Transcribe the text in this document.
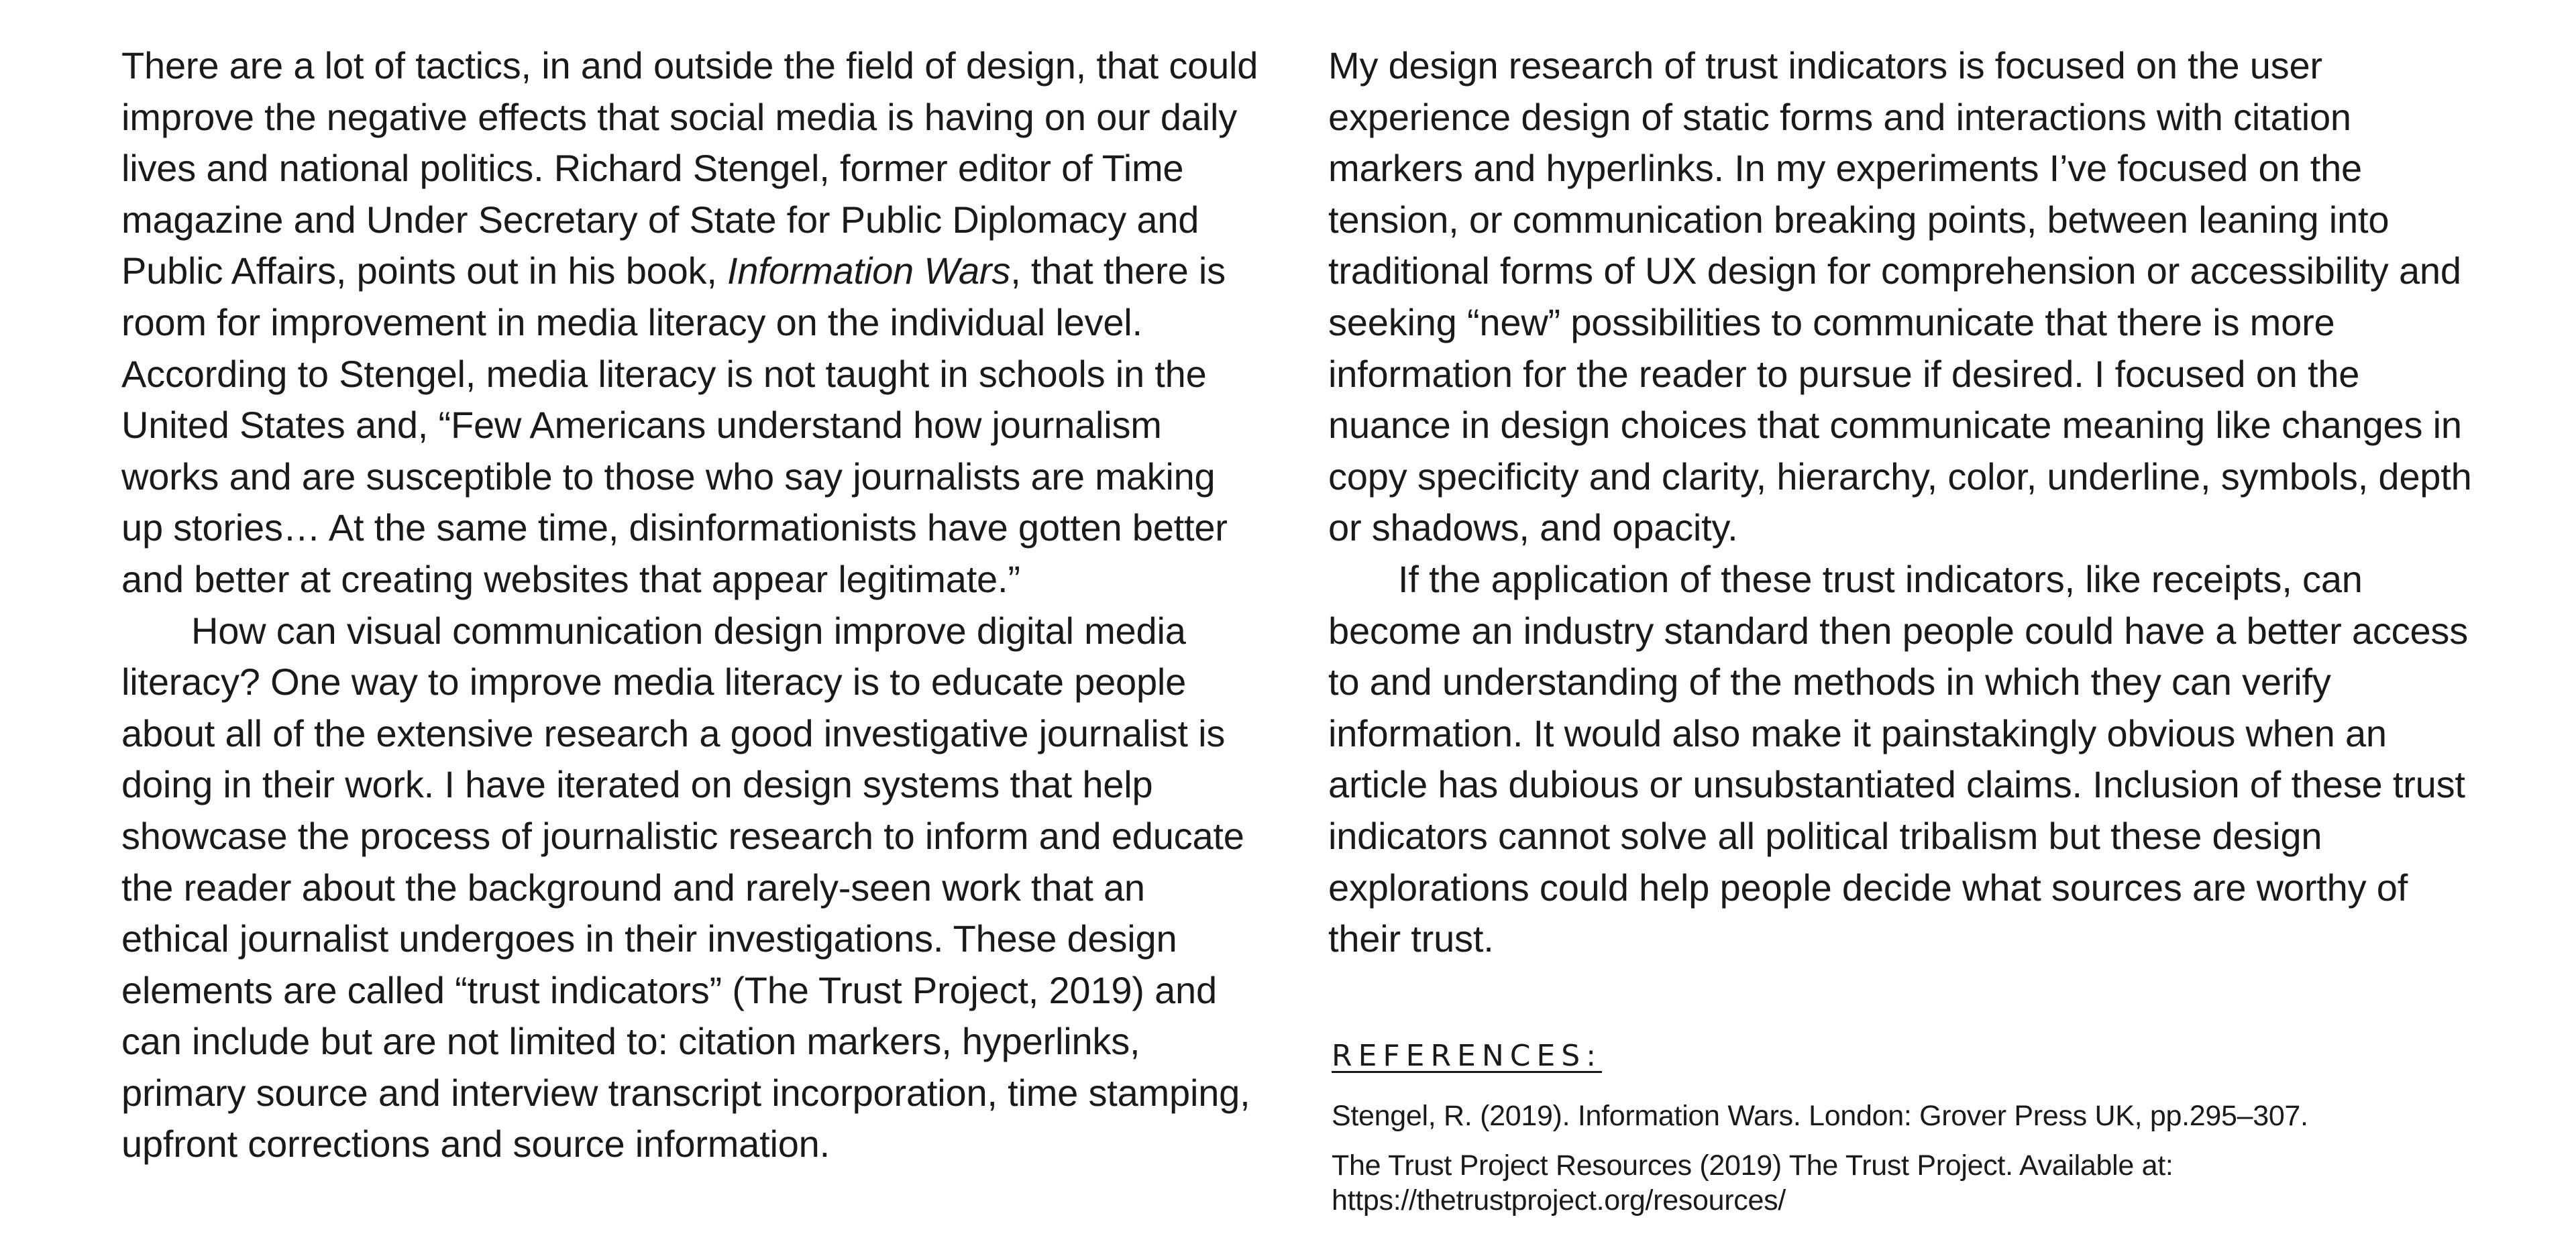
There are a lot of tactics, in and outside the field of design, that could improve the negative effects that social media is having on our daily lives and national politics. Richard Stengel, former editor of Time magazine and Under Secretary of State for Public Diplomacy and Public Affairs, points out in his book, Information Wars, that there is room for improvement in media literacy on the individual level. According to Stengel, media literacy is not taught in schools in the United States and, “Few Americans understand how journalism works and are susceptible to those who say journalists are making up stories… At the same time, disinformationists have gotten better and better at creating websites that appear legitimate.”

How can visual communication design improve digital media literacy? One way to improve media literacy is to educate people about all of the extensive research a good investigative journalist is doing in their work. I have iterated on design systems that help showcase the process of journalistic research to inform and educate the reader about the background and rarely-seen work that an ethical journalist undergoes in their investigations. These design elements are called “trust indicators” (The Trust Project, 2019) and can include but are not limited to: citation markers, hyperlinks, primary source and interview transcript incorporation, time stamping, upfront corrections and source information.

My design research of trust indicators is focused on the user experience design of static forms and interactions with citation markers and hyperlinks. In my experiments I’ve focused on the tension, or communication breaking points, between leaning into traditional forms of UX design for comprehension or accessibility and seeking “new” possibilities to communicate that there is more information for the reader to pursue if desired. I focused on the nuance in design choices that communicate meaning like changes in copy specificity and clarity, hierarchy, color, underline, symbols, depth or shadows, and opacity.

If the application of these trust indicators, like receipts, can become an industry standard then people could have a better access to and understanding of the methods in which they can verify information. It would also make it painstakingly obvious when an article has dubious or unsubstantiated claims. Inclusion of these trust indicators cannot solve all political tribalism but these design explorations could help people decide what sources are worthy of their trust.

REFERENCES:

Stengel, R. (2019). Information Wars. London: Grover Press UK, pp.295–307.

The Trust Project Resources (2019) The Trust Project. Available at: https://thetrustproject.org/resources/
